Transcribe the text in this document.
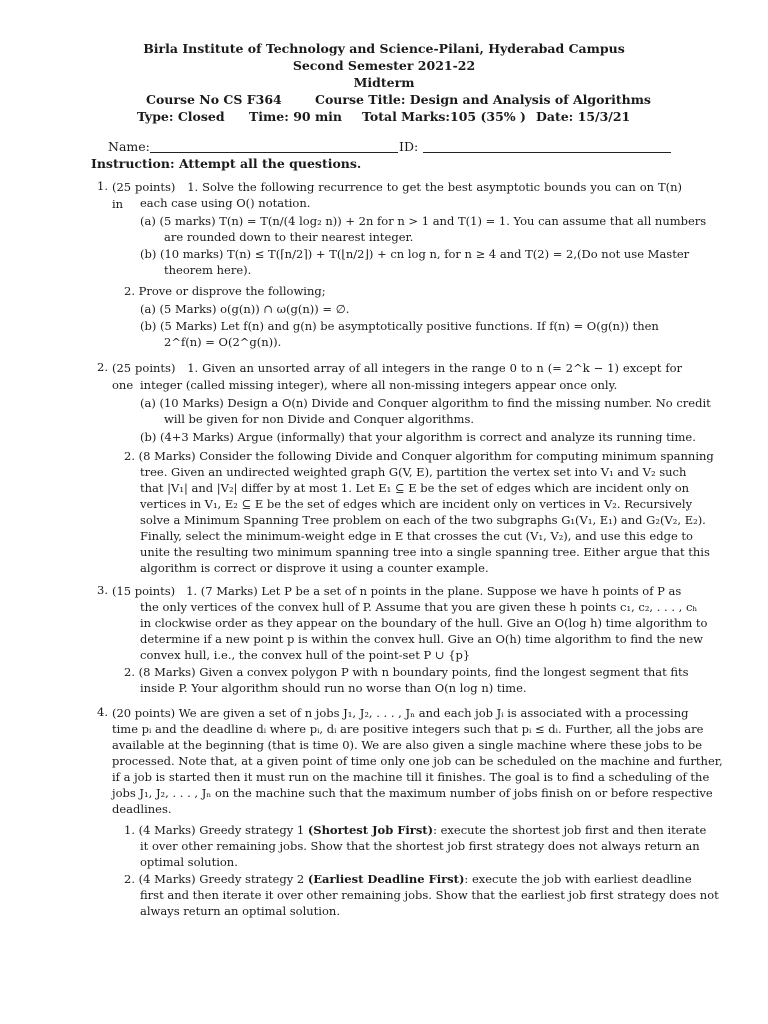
Birla Institute of Technology and Science-Pilani, Hyderabad Campus
Second Semester 2021-22
Midterm
Course No CS F364	Course Title: Design and Analysis of Algorithms
Type: Closed Time: 90 min Total Marks:105 (35% ) Date: 15/3/21
Name:	ID:
Instruction: Attempt all the questions.
1. (25 points) 1. Solve the following recurrence to get the best asymptotic bounds you can on T(n) in	each case using O() notation.
(a) (5 marks) T(n) = T(n/(4 log₂ n)) + 2n for n > 1 and T(1) = 1. You can assume that all numbers
are rounded down to their nearest integer.
(b) (10 marks) T(n) ≤ T(⌈n/2⌉) + T(⌊n/2⌋) + cn log n, for n ≥ 4 and T(2) = 2,(Do not use Master
theorem here).
2. Prove or disprove the following;
(a) (5 Marks) o(g(n)) ∩ ω(g(n)) = ∅.
(b) (5 Marks) Let f(n) and g(n) be asymptotically positive functions. If f(n) = O(g(n)) then
2^f(n) = O(2^g(n)).
2. (25 points) 1. Given an unsorted array of all integers in the range 0 to n (= 2^k − 1) except for one integer (called missing integer), where all non-missing integers appear once only.
(a) (10 Marks) Design a O(n) Divide and Conquer algorithm to find the missing number. No credit
will be given for non Divide and Conquer algorithms.
(b) (4+3 Marks) Argue (informally) that your algorithm is correct and analyze its running time.
2. (8 Marks) Consider the following Divide and Conquer algorithm for computing minimum spanning
tree. Given an undirected weighted graph G(V, E), partition the vertex set into V₁ and V₂ such
that |V₁| and |V₂| differ by at most 1. Let E₁ ⊆ E be the set of edges which are incident only on
vertices in V₁, E₂ ⊆ E be the set of edges which are incident only on vertices in V₂. Recursively
solve a Minimum Spanning Tree problem on each of the two subgraphs G₁(V₁, E₁) and G₂(V₂, E₂).
Finally, select the minimum-weight edge in E that crosses the cut (V₁, V₂), and use this edge to
unite the resulting two minimum spanning tree into a single spanning tree. Either argue that this
algorithm is correct or disprove it using a counter example.
3. (15 points) 1. (7 Marks) Let P be a set of n points in the plane. Suppose we have h points of P as
the only vertices of the convex hull of P. Assume that you are given these h points c₁, c₂, . . . , cₕ
in clockwise order as they appear on the boundary of the hull. Give an O(log h) time algorithm to
determine if a new point p is within the convex hull. Give an O(h) time algorithm to find the new
convex hull, i.e., the convex hull of the point-set P ∪ {p}
2. (8 Marks) Given a convex polygon P with n boundary points, find the longest segment that fits
inside P. Your algorithm should run no worse than O(n log n) time.
4. (20 points) We are given a set of n jobs J₁, J₂, . . . , Jₙ and each job Jᵢ is associated with a processing
time pᵢ and the deadline dᵢ where pᵢ, dᵢ are positive integers such that pᵢ ≤ dᵢ. Further, all the jobs are
available at the beginning (that is time 0). We are also given a single machine where these jobs to be
processed. Note that, at a given point of time only one job can be scheduled on the machine and further,
if a job is started then it must run on the machine till it finishes. The goal is to find a scheduling of the
jobs J₁, J₂, . . . , Jₙ on the machine such that the maximum number of jobs finish on or before respective
deadlines.
1. (4 Marks) Greedy strategy 1 (Shortest Job First): execute the shortest job first and then iterate
it over other remaining jobs. Show that the shortest job first strategy does not always return an
optimal solution.
2. (4 Marks) Greedy strategy 2 (Earliest Deadline First): execute the job with earliest deadline
first and then iterate it over other remaining jobs. Show that the earliest job first strategy does not
always return an optimal solution.
